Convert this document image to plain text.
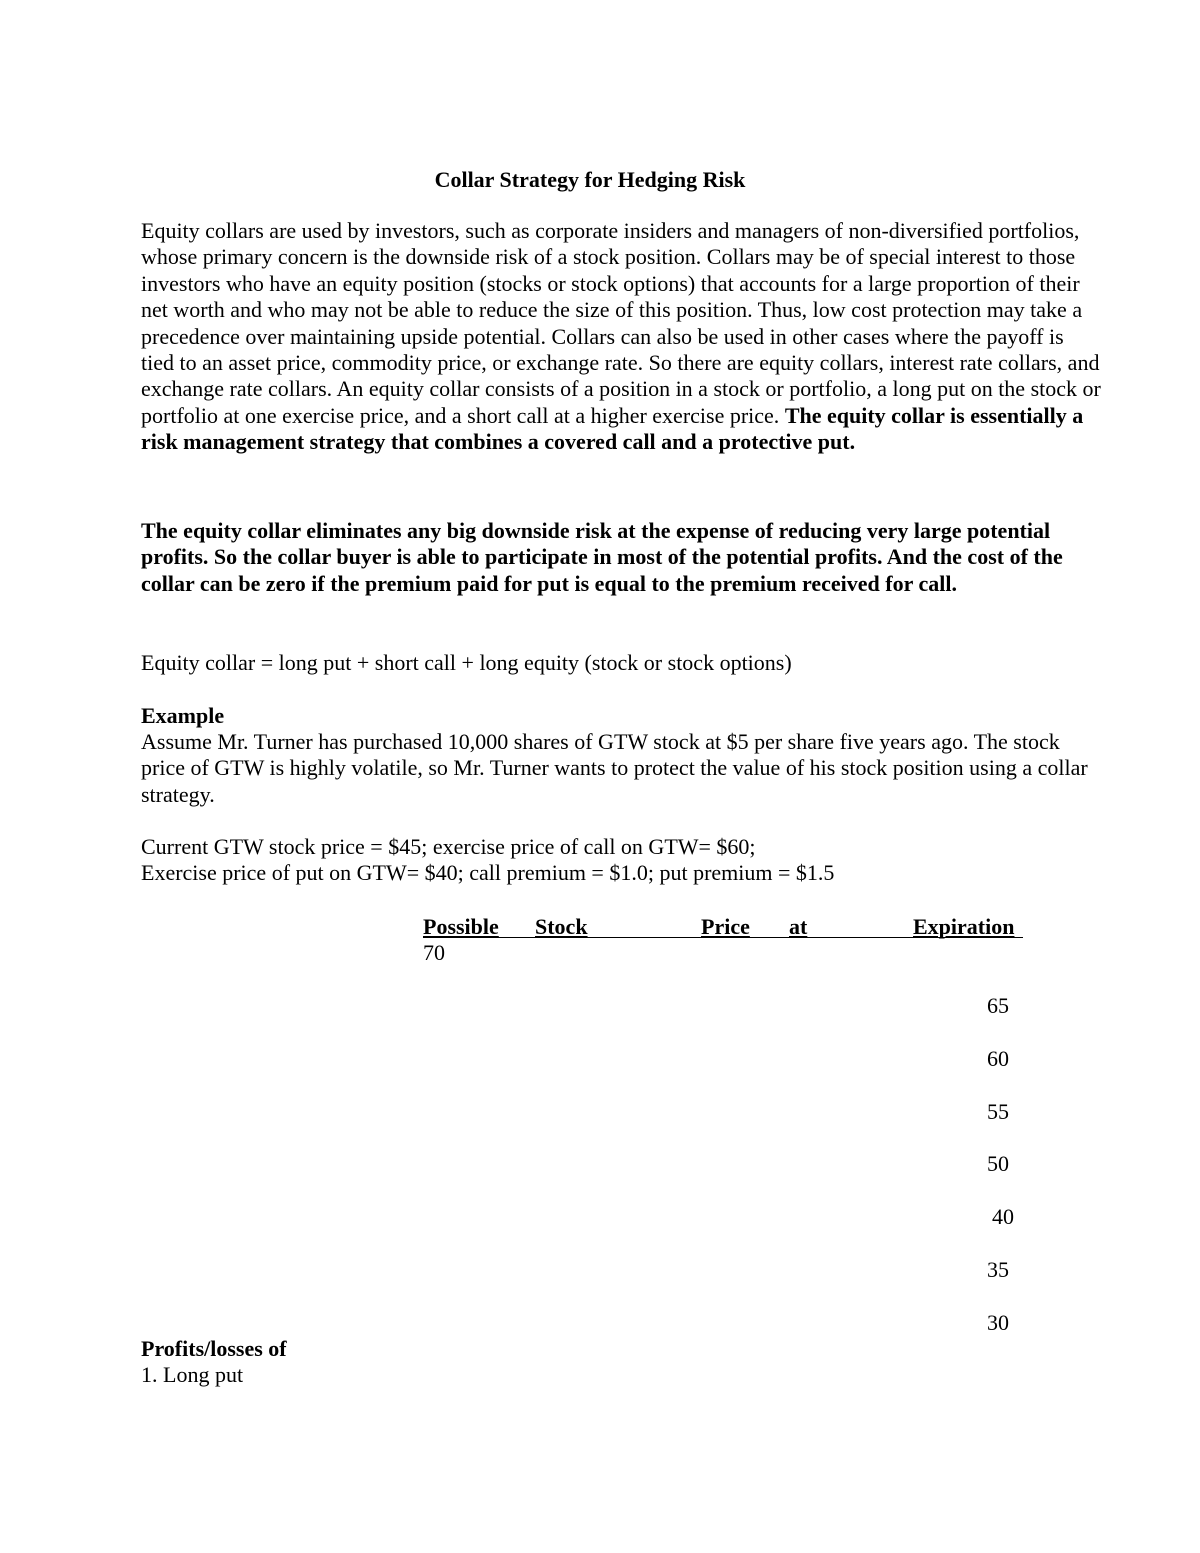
Collar Strategy for Hedging Risk

Equity collars are used by investors, such as corporate insiders and managers of non-diversified portfolios, whose primary concern is the downside risk of a stock position. Collars may be of special interest to those investors who have an equity position (stocks or stock options) that accounts for a large proportion of their net worth and who may not be able to reduce the size of this position. Thus, low cost protection may take a precedence over maintaining upside potential. Collars can also be used in other cases where the payoff is tied to an asset price, commodity price, or exchange rate. So there are equity collars, interest rate collars, and exchange rate collars. An equity collar consists of a position in a stock or portfolio, a long put on the stock or portfolio at one exercise price, and a short call at a higher exercise price. The equity collar is essentially a risk management strategy that combines a covered call and a protective put.

The equity collar eliminates any big downside risk at the expense of reducing very large potential profits. So the collar buyer is able to participate in most of the potential profits. And the cost of the collar can be zero if the premium paid for put is equal to the premium received for call.

Equity collar = long put + short call + long equity (stock or stock options)

Example

Assume Mr. Turner has purchased 10,000 shares of GTW stock at $5 per share five years ago. The stock price of GTW is highly volatile, so Mr. Turner wants to protect the value of his stock position using a collar strategy.

Current GTW stock price = $45; exercise price of call on GTW= $60;
Exercise price of put on GTW= $40; call premium = $1.0; put premium = $1.5

Possible Stock	Price at	Expiration
70
65
60
55
50
40
35
30
Profits/losses of
1. Long put
